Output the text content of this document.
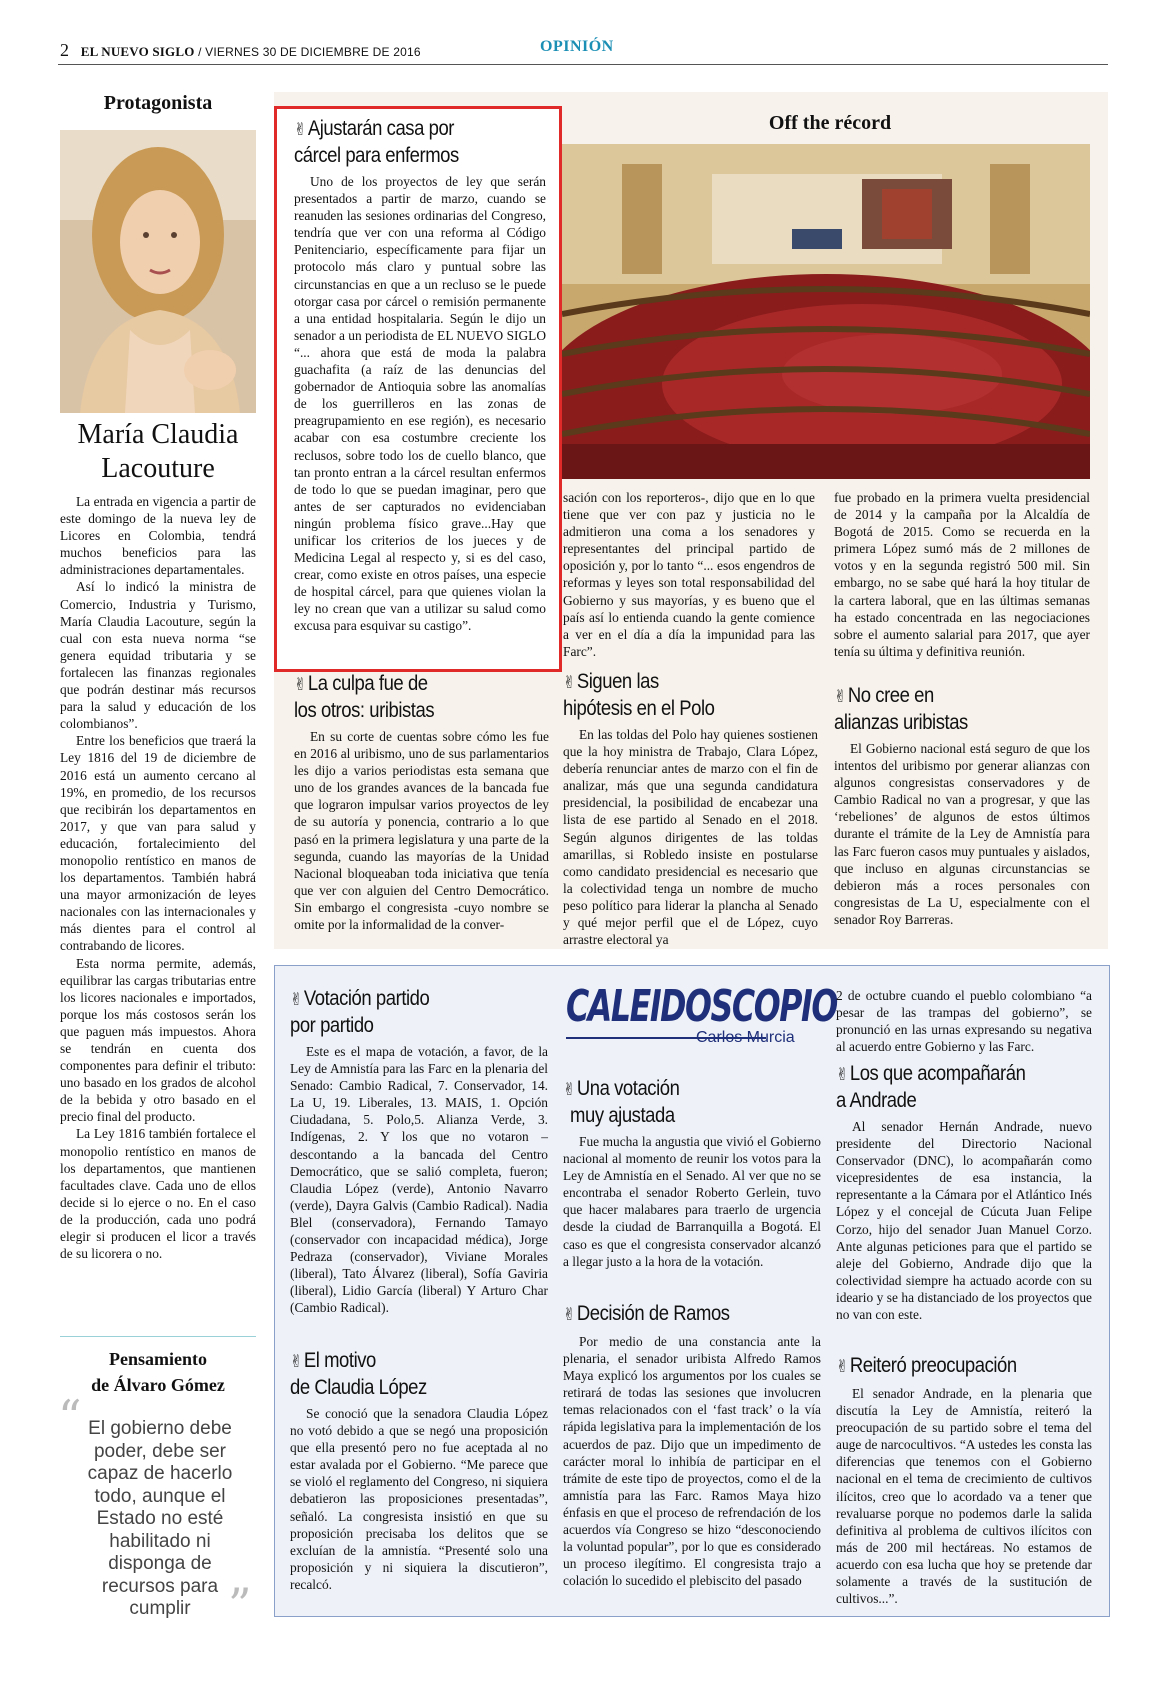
2 EL NUEVO SIGLO / VIERNES 30 DE DICIEMBRE DE 2016	OPINIÓN
Protagonista
María Claudia Lacouture

La entrada en vigencia a partir de este domingo de la nueva ley de Licores en Colombia, tendrá muchos beneficios para las administraciones departamentales.

Así lo indicó la ministra de Comercio, Industria y Turismo, María Claudia Lacouture, según la cual con esta nueva norma “se genera equidad tributaria y se fortalecen las finanzas regionales que podrán destinar más recursos para la salud y educación de los colombianos”.

Entre los beneficios que traerá la Ley 1816 del 19 de diciembre de 2016 está un aumento cercano al 19%, en promedio, de los recursos que recibirán los departamentos en 2017, y que van para salud y educación, fortalecimiento del monopolio rentístico en manos de los departamentos. También habrá una mayor armonización de leyes nacionales con las internacionales y más dientes para el control al contrabando de licores.

Esta norma permite, además, equilibrar las cargas tributarias entre los licores nacionales e importados, porque los más costosos serán los que paguen más impuestos. Ahora se tendrán en cuenta dos componentes para definir el tributo: uno basado en los grados de alcohol de la bebida y otro basado en el precio final del producto.

La Ley 1816 también fortalece el monopolio rentístico en manos de los departamentos, que mantienen facultades clave. Cada uno de ellos decide si lo ejerce o no. En el caso de la producción, cada uno podrá elegir si producen el licor a través de su licorera o no.

Pensamiento
de Álvaro Gómez
“ El gobierno debe poder, debe ser capaz de hacerlo todo, aunque el Estado no esté habilitado ni disponga de recursos para cumplir ”
✌Ajustarán casa por
cárcel para enfermos

Uno de los proyectos de ley que serán presentados a partir de marzo, cuando se reanuden las sesiones ordinarias del Congreso, tendría que ver con una reforma al Código Penitenciario, específicamente para fijar un protocolo más claro y puntual sobre las circunstancias en que a un recluso se le puede otorgar casa por cárcel o remisión permanente a una entidad hospitalaria. Según le dijo un senador a un periodista de EL NUEVO SIGLO “... ahora que está de moda la palabra guachafita (a raíz de las denuncias del gobernador de Antioquia sobre las anomalías de los guerrilleros en las zonas de preagrupamiento en ese región), es necesario acabar con esa costumbre creciente los reclusos, sobre todo los de cuello blanco, que tan pronto entran a la cárcel resultan enfermos de todo lo que se puedan imaginar, pero que antes de ser capturados no evidenciaban ningún problema físico grave...Hay que unificar los criterios de los jueces y de Medicina Legal al respecto y, si es del caso, crear, como existe en otros países, una especie de hospital cárcel, para que quienes violan la ley no crean que van a utilizar su salud como excusa para esquivar su castigo”.

Off the récord

sación con los reporteros-, dijo que en lo que tiene que ver con paz y justicia no le admitieron una coma a los senadores y representantes del principal partido de oposición y, por lo tanto “... esos engendros de reformas y leyes son total responsabilidad del Gobierno y sus mayorías, y es bueno que el país así lo entienda cuando la gente comience a ver en el día a día la impunidad para las Farc”.

fue probado en la primera vuelta presidencial de 2014 y la campaña por la Alcaldía de Bogotá de 2015. Como se recuerda en la primera López sumó más de 2 millones de votos y en la segunda registró 500 mil. Sin embargo, no se sabe qué hará la hoy titular de la cartera laboral, que en las últimas semanas ha estado concentrada en las negociaciones sobre el aumento salarial para 2017, que ayer tenía su última y definitiva reunión.

✌La culpa fue de
los otros: uribistas

En su corte de cuentas sobre cómo les fue en 2016 al uribismo, uno de sus parlamentarios les dijo a varios periodistas esta semana que uno de los grandes avances de la bancada fue que lograron impulsar varios proyectos de ley de su autoría y ponencia, contrario a lo que pasó en la primera legislatura y una parte de la segunda, cuando las mayorías de la Unidad Nacional bloqueaban toda iniciativa que tenía que ver con alguien del Centro Democrático. Sin embargo el congresista -cuyo nombre se omite por la informalidad de la conver-

✌Siguen las
hipótesis en el Polo

En las toldas del Polo hay quienes sostienen que la hoy ministra de Trabajo, Clara López, debería renunciar antes de marzo con el fin de analizar, más que una segunda candidatura presidencial, la posibilidad de encabezar una lista de ese partido al Senado en el 2018. Según algunos dirigentes de las toldas amarillas, si Robledo insiste en postularse como candidato presidencial es necesario que la colectividad tenga un nombre de mucho peso político para liderar la plancha al Senado y qué mejor perfil que el de López, cuyo arrastre electoral ya

✌No cree en
alianzas uribistas

El Gobierno nacional está seguro de que los intentos del uribismo por generar alianzas con algunos congresistas conservadores y de Cambio Radical no van a progresar, y que las ‘rebeliones’ de algunos de estos últimos durante el trámite de la Ley de Amnistía para las Farc fueron casos muy puntuales y aislados, que incluso en algunas circunstancias se debieron más a roces personales con congresistas de La U, especialmente con el senador Roy Barreras.

✌Votación partido
por partido

Este es el mapa de votación, a favor, de la Ley de Amnistía para las Farc en la plenaria del Senado: Cambio Radical, 7. Conservador, 14. La U, 19. Liberales, 13. MAIS, 1. Opción Ciudadana, 5. Polo,5. Alianza Verde, 3. Indígenas, 2. Y los que no votaron –descontando a la bancada del Centro Democrático, que se salió completa, fueron; Claudia López (verde), Antonio Navarro (verde), Dayra Galvis (Cambio Radical). Nadia Blel (conservadora), Fernando Tamayo (conservador con incapacidad médica), Jorge Pedraza (conservador), Viviane Morales (liberal), Tato Álvarez (liberal), Sofía Gaviria (liberal), Lidio García (liberal) Y Arturo Char (Cambio Radical).

✌El motivo
de Claudia López

Se conoció que la senadora Claudia López no votó debido a que se negó una proposición que ella presentó pero no fue aceptada al no estar avalada por el Gobierno. “Me parece que se violó el reglamento del Congreso, ni siquiera debatieron las proposiciones presentadas”, señaló. La congresista insistió en que su proposición precisaba los delitos que se excluían de la amnistía. “Presenté solo una proposición y ni siquiera la discutieron”, recalcó.

CALEIDOSCOPIO
Carlos Murcia
✌Una votación
muy ajustada

Fue mucha la angustia que vivió el Gobierno nacional al momento de reunir los votos para la Ley de Amnistía en el Senado. Al ver que no se encontraba el senador Roberto Gerlein, tuvo que hacer malabares para traerlo de urgencia desde la ciudad de Barranquilla a Bogotá. El caso es que el congresista conservador alcanzó a llegar justo a la hora de la votación.

✌Decisión de Ramos

Por medio de una constancia ante la plenaria, el senador uribista Alfredo Ramos Maya explicó los argumentos por los cuales se retirará de todas las sesiones que involucren temas relacionados con el ‘fast track’ o la vía rápida legislativa para la implementación de los acuerdos de paz. Dijo que un impedimento de carácter moral lo inhibía de participar en el trámite de este tipo de proyectos, como el de la amnistía para las Farc. Ramos Maya hizo énfasis en que el proceso de refrendación de los acuerdos vía Congreso se hizo “desconociendo la voluntad popular”, por lo que es considerado un proceso ilegítimo. El congresista trajo a colación lo sucedido el plebiscito del pasado

2 de octubre cuando el pueblo colombiano “a pesar de las trampas del gobierno”, se pronunció en las urnas expresando su negativa al acuerdo entre Gobierno y las Farc.

✌Los que acompañarán
a Andrade

Al senador Hernán Andrade, nuevo presidente del Directorio Nacional Conservador (DNC), lo acompañarán como vicepresidentes de esa instancia, la representante a la Cámara por el Atlántico Inés López y el concejal de Cúcuta Juan Felipe Corzo, hijo del senador Juan Manuel Corzo. Ante algunas peticiones para que el partido se aleje del Gobierno, Andrade dijo que la colectividad siempre ha actuado acorde con su ideario y se ha distanciado de los proyectos que no van con este.

✌Reiteró preocupación

El senador Andrade, en la plenaria que discutía la Ley de Amnistía, reiteró la preocupación de su partido sobre el tema del auge de narcocultivos. “A ustedes les consta las diferencias que tenemos con el Gobierno nacional en el tema de crecimiento de cultivos ilícitos, creo que lo acordado va a tener que revaluarse porque no podemos darle la salida definitiva al problema de cultivos ilícitos con más de 200 mil hectáreas. No estamos de acuerdo con esa lucha que hoy se pretende dar solamente a través de la sustitución de cultivos...”.
